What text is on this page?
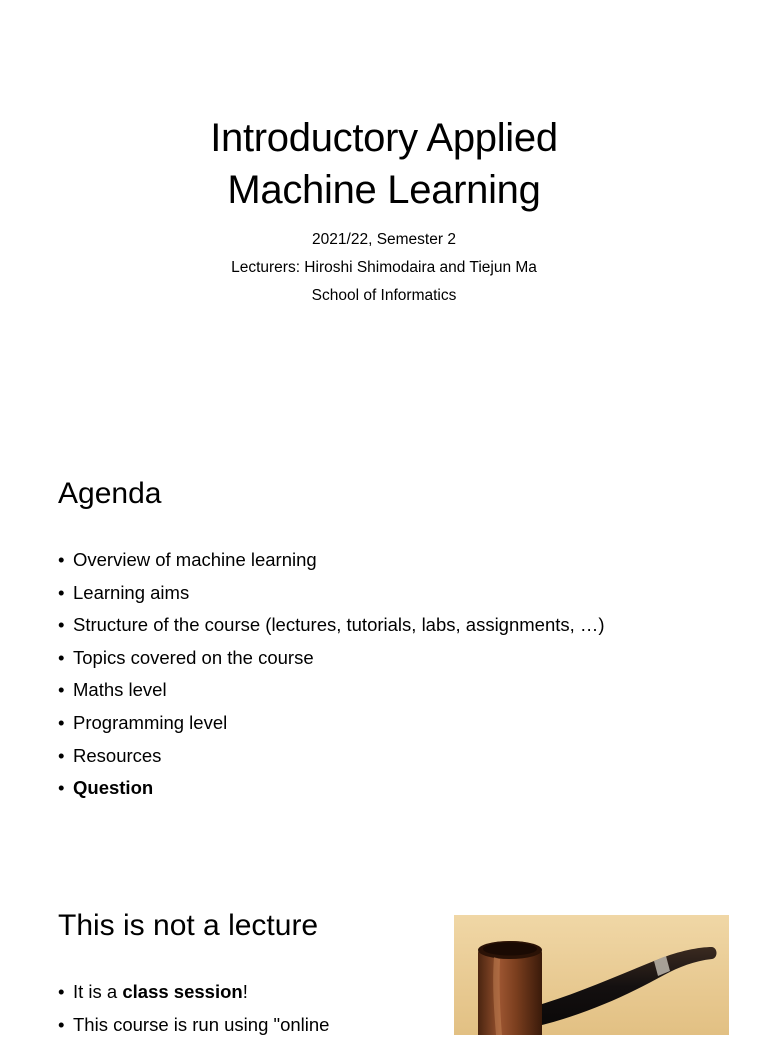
Introductory Applied
Machine Learning
2021/22, Semester 2
Lecturers: Hiroshi Shimodaira and Tiejun Ma
School of Informatics
Agenda
• Overview of machine learning
• Learning aims
• Structure of the course (lectures, tutorials, labs, assignments, …)
• Topics covered on the course
• Maths level
• Programming level
• Resources
• Question
This is not a lecture
• It is a class session!
• This course is run using "online
